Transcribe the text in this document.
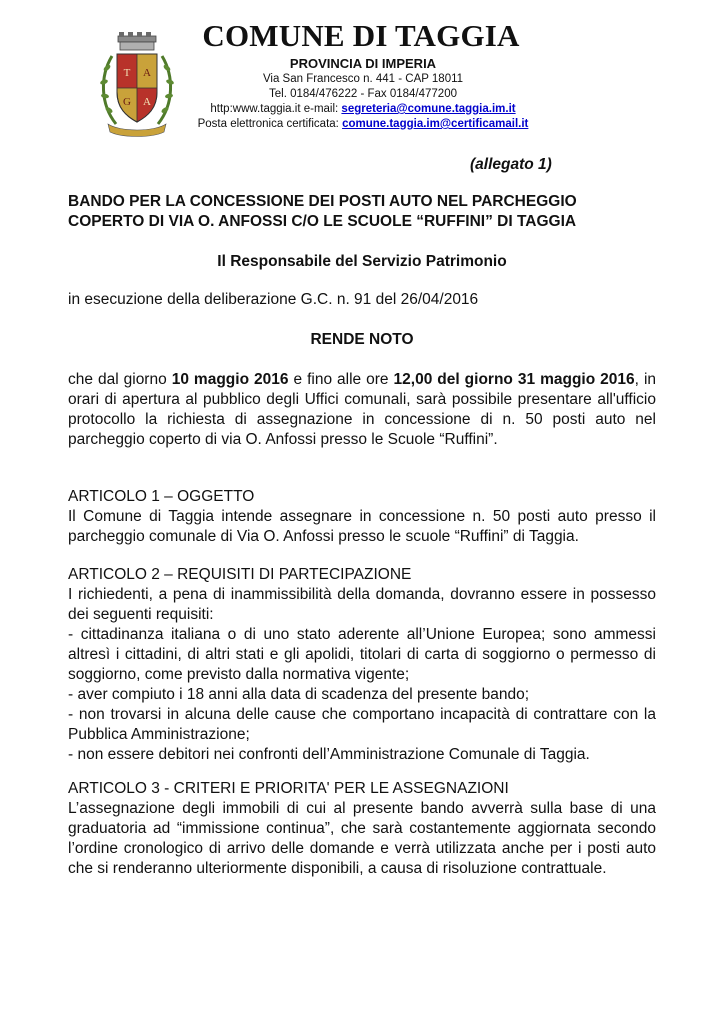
T A
G A
COMUNE DI TAGGIA
PROVINCIA DI IMPERIA
Via San Francesco n. 441 - CAP 18011
Tel. 0184/476222 - Fax 0184/477200
http:www.taggia.it e-mail: segreteria@comune.taggia.im.it
Posta elettronica certificata: comune.taggia.im@certificamail.it
(allegato 1)

BANDO PER LA CONCESSIONE DEI POSTI AUTO NEL PARCHEGGIO

COPERTO DI VIA O. ANFOSSI C/O LE SCUOLE “RUFFINI” DI TAGGIA

Il Responsabile del Servizio Patrimonio
in esecuzione della deliberazione G.C. n. 91 del 26/04/2016
RENDE NOTO
che dal giorno 10 maggio 2016 e fino alle ore 12,00 del giorno 31 maggio 2016, in orari di apertura al pubblico degli Uffici comunali, sarà possibile presentare all'ufficio protocollo la richiesta di assegnazione in concessione di n. 50 posti auto nel parcheggio coperto di via O. Anfossi presso le Scuole “Ruffini”.

ARTICOLO 1 – OGGETTO

Il Comune di Taggia intende assegnare in concessione n. 50 posti auto presso il parcheggio comunale di Via O. Anfossi presso le scuole “Ruffini” di Taggia.

ARTICOLO 2 – REQUISITI DI PARTECIPAZIONE

I richiedenti, a pena di inammissibilità della domanda, dovranno essere in possesso dei seguenti requisiti:

- cittadinanza italiana o di uno stato aderente all’Unione Europea; sono ammessi altresì i cittadini, di altri stati e gli apolidi, titolari di carta di soggiorno o permesso di soggiorno, come previsto dalla normativa vigente;

- aver compiuto i 18 anni alla data di scadenza del presente bando;

- non trovarsi in alcuna delle cause che comportano incapacità di contrattare con la Pubblica Amministrazione;

- non essere debitori nei confronti dell’Amministrazione Comunale di Taggia.

ARTICOLO 3 - CRITERI E PRIORITA' PER LE ASSEGNAZIONI

L’assegnazione degli immobili di cui al presente bando avverrà sulla base di una graduatoria ad “immissione continua”, che sarà costantemente aggiornata secondo l’ordine cronologico di arrivo delle domande e verrà utilizzata anche per i posti auto che si renderanno ulteriormente disponibili, a causa di risoluzione contrattuale.
